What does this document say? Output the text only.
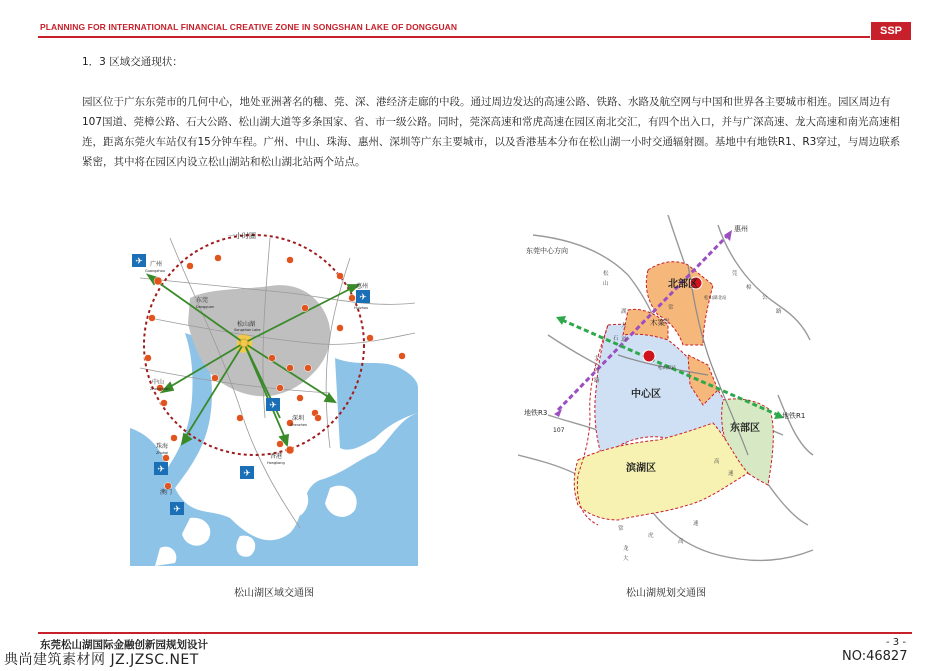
PLANNING FOR INTERNATIONAL FINANCIAL CREATIVE ZONE IN SONGSHAN LAKE OF DONGGUAN	SSP
1．3 区域交通现状：

园区位于广东东莞市的几何中心，地处亚洲著名的穗、莞、深、港经济走廊的中段。通过周边发达的高速公路、铁路、水路及航空网与中国和世界各主要城市相连。园区周边有107国道、莞樟公路、石大公路、松山湖大道等多条国家、省、市一级公路。同时，莞深高速和常虎高速在园区南北交汇，有四个出入口，并与广深高速、龙大高速和南光高速相连，距离东莞火车站仅有15分钟车程。广州、中山、珠海、惠州、深圳等广东主要城市，以及香港基本分布在松山湖一小时交通辐射圈。基地中有地铁R1、R3穿过，与周边联系紧密，其中将在园区内设立松山湖站和松山湖北站两个站点。

一小时圈
✈
✈
✈
✈	✈
✈
广州
Guangzhou
东莞
Dongguan
松山湖
Songshan Lake
惠州
Huizhou
中山
Zhongshan
深圳
Shenzhen
珠海
Zhuhai	香港
Hongkong
澳门
松
山
湖
大
道
石
大
公
路
莞
樟
公
路
常
虎
高
速
常
虎
高
速
龙
大
东莞中心方向
惠州
地铁R3	地铁R1
107
北部区
中心区
东部区
滨湖区
木案
松山湖北站
松山湖站
松山湖区域交通图	松山湖规划交通图
东莞松山湖国际金融创新园规划设计	- 3 -
典尚建筑素材网 JZ.JZSC.NET	NO:46827
